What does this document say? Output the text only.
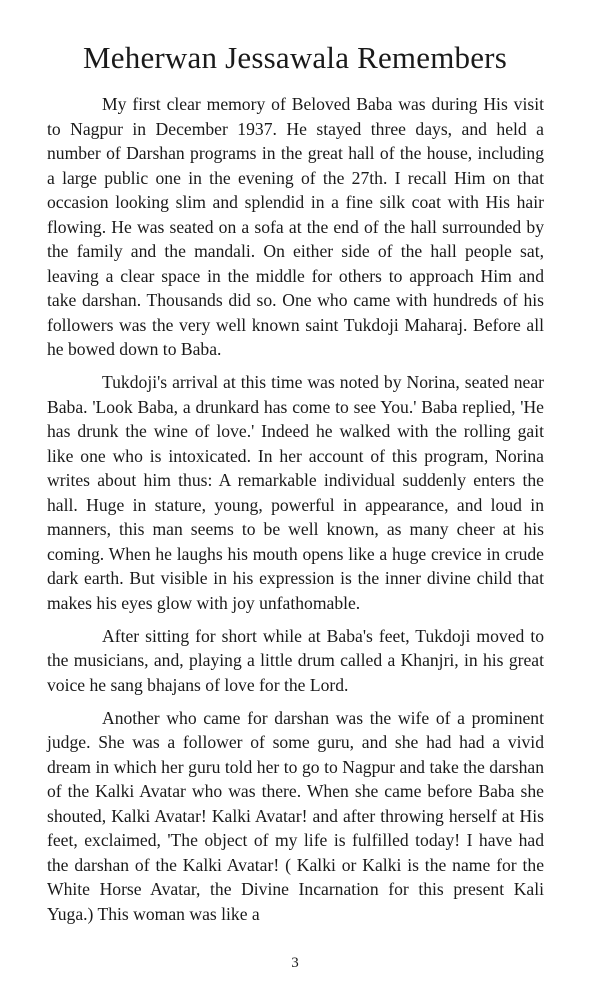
Meherwan Jessawala Remembers

My first clear memory of Beloved Baba was during His visit to Nagpur in December 1937. He stayed three days, and held a number of Darshan programs in the great hall of the house, including a large public one in the evening of the 27th. I recall Him on that occasion looking slim and splendid in a fine silk coat with His hair flowing. He was seated on a sofa at the end of the hall surrounded by the family and the mandali. On either side of the hall people sat, leaving a clear space in the middle for others to approach Him and take darshan. Thousands did so. One who came with hundreds of his followers was the very well known saint Tukdoji Maharaj. Before all he bowed down to Baba.

Tukdoji's arrival at this time was noted by Norina, seated near Baba. 'Look Baba, a drunkard has come to see You.' Baba replied, 'He has drunk the wine of love.' Indeed he walked with the rolling gait like one who is intoxicated. In her account of this program, Norina writes about him thus: A remarkable individual suddenly enters the hall. Huge in stature, young, powerful in appearance, and loud in manners, this man seems to be well known, as many cheer at his coming. When he laughs his mouth opens like a huge crevice in crude dark earth. But visible in his expression is the inner divine child that makes his eyes glow with joy unfathomable.

After sitting for short while at Baba's feet, Tukdoji moved to the musicians, and, playing a little drum called a Khanjri, in his great voice he sang bhajans of love for the Lord.

Another who came for darshan was the wife of a prominent judge. She was a follower of some guru, and she had had a vivid dream in which her guru told her to go to Nagpur and take the darshan of the Kalki Avatar who was there. When she came before Baba she shouted, Kalki Avatar! Kalki Avatar! and after throwing herself at His feet, exclaimed, 'The object of my life is fulfilled today! I have had the darshan of the Kalki Avatar! ( Kalki or Kalki is the name for the White Horse Avatar, the Divine Incarnation for this present Kali Yuga.) This woman was like a

3
